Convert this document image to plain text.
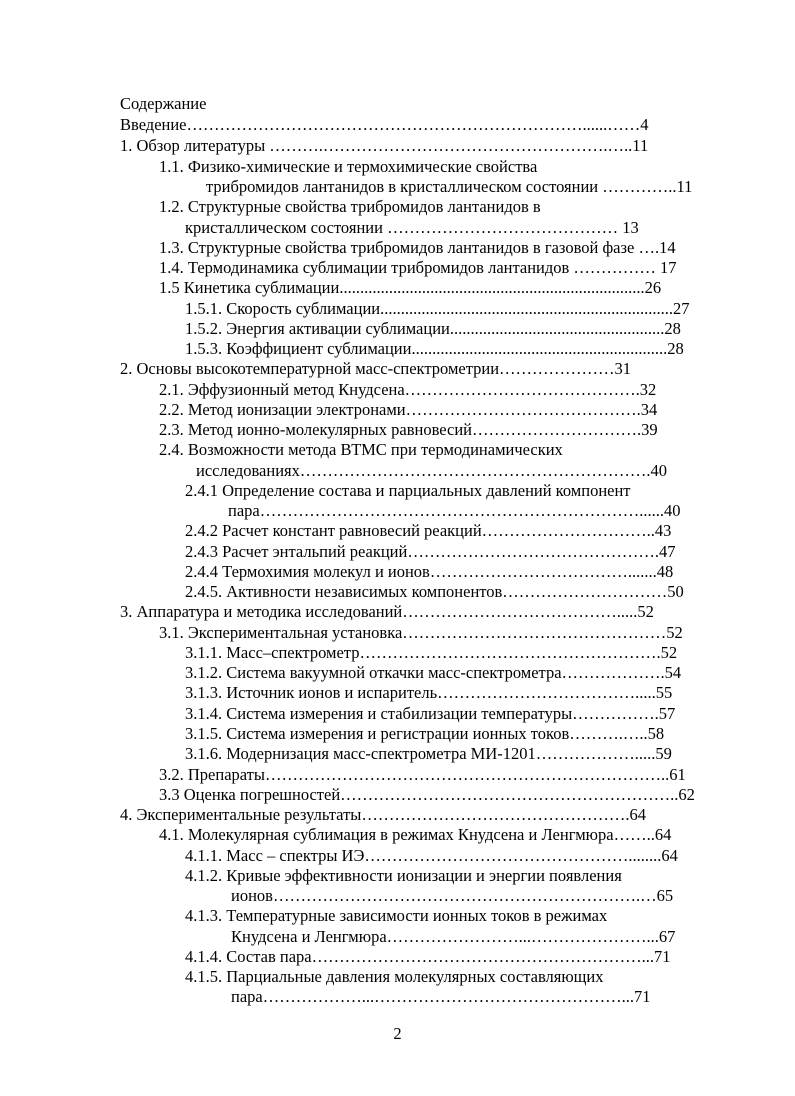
Содержание
Введение………………………………………………………………......……4
1. Обзор литературы ……….…………………………………………….…..11
1.1. Физико-химические и термохимические свойства
трибромидов лантанидов в кристаллическом состоянии …………..11
1.2. Структурные свойства трибромидов лантанидов в
кристаллическом состоянии …………………………………… 13
1.3. Структурные свойства трибромидов лантанидов в газовой фазе ….14
1.4. Термодинамика сублимации трибромидов лантанидов …………… 17
1.5 Кинетика сублимации..........................................................................26
1.5.1. Скорость сублимации.......................................................................27
1.5.2. Энергия активации сублимации....................................................28
1.5.3. Коэффициент сублимации..............................................................28
2. Основы высокотемпературной масс-спектрометрии…………………31
2.1. Эффузионный метод Кнудсена…………………………………….32
2.2. Метод ионизации электронами…………………………………….34
2.3. Метод ионно-молекулярных равновесий………………………….39
2.4. Возможности метода ВТМС при термодинамических
исследованиях……………………………………………………….40
2.4.1 Определение состава и парциальных давлений компонент
пара……………………………………………………………......40
2.4.2 Расчет констант равновесий реакций…………………………..43
2.4.3 Расчет энтальпий реакций……………………………………….47
2.4.4 Термохимия молекул и ионов……………………………….......48
2.4.5. Активности независимых компонентов…………………………50
3. Аппаратура и методика исследований………………………………….....52
3.1. Экспериментальная установка…………………………………………52
3.1.1. Масс–спектрометр……………………………………………….52
3.1.2. Система вакуумной откачки масс-спектрометра……………….54
3.1.3. Источник ионов и испаритель……………………………….....55
3.1.4. Система измерения и стабилизации температуры…………….57
3.1.5. Система измерения и регистрации ионных токов……….…..58
3.1.6. Модернизация масс-спектрометра МИ-1201……………….....59
3.2. Препараты………………………………………………………………..61
3.3 Оценка погрешностей……………………………………………………..62
4. Экспериментальные результаты………………………………………….64
4.1. Молекулярная сублимация в режимах Кнудсена и Ленгмюра……..64
4.1.1. Масс – спектры ИЭ…………………………………………........64
4.1.2. Кривые эффективности ионизации и энергии появления
ионов………………………………………………………….…65
4.1.3. Температурные зависимости ионных токов в режимах
Кнудсена и Ленгмюра……………………...…………………...67
4.1.4. Состав пара……………………………………………………...71
4.1.5. Парциальные давления молекулярных составляющих
пара………………...………………………………………...71
2
